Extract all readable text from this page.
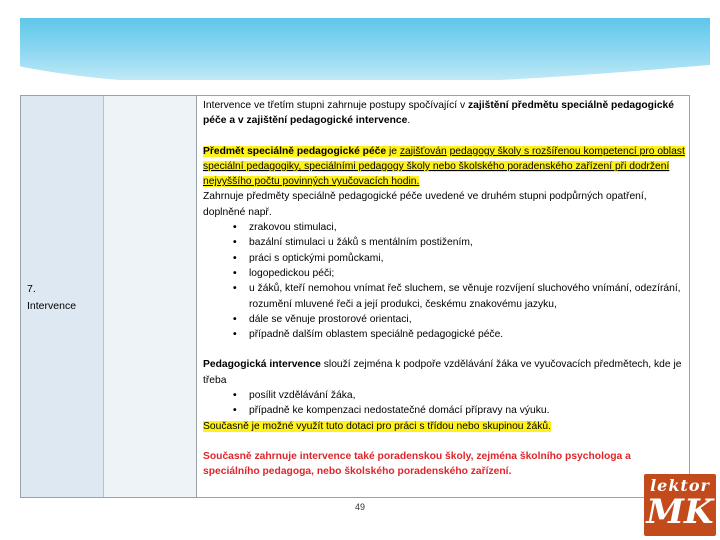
7.
Intervence

Intervence ve třetím stupni zahrnuje postupy spočívající v zajištění předmětu speciálně pedagogické péče a v zajištění pedagogické intervence.

Předmět speciálně pedagogické péče je zajišťován pedagogy školy s rozšířenou kompetencí pro oblast speciální pedagogiky, speciálními pedagogy školy nebo školského poradenského zařízení při dodržení nejvyššího počtu povinných vyučovacích hodin.

Zahrnuje předměty speciálně pedagogické péče uvedené ve druhém stupni podpůrných opatření, doplněné např.

• zrakovou stimulaci,
• bazální stimulaci u žáků s mentálním postižením,
• práci s optickými pomůckami,
• logopedickou péči;
• u žáků, kteří nemohou vnímat řeč sluchem, se věnuje rozvíjení sluchového vnímání, odezírání, rozumění mluvené řeči a její produkci, českému znakovému jazyku,
• dále se věnuje prostorové orientaci,
• případně dalším oblastem speciálně pedagogické péče.

Pedagogická intervence slouží zejména k podpoře vzdělávání žáka ve vyučovacích předmětech, kde je třeba

• posílit vzdělávání žáka,
• případně ke kompenzaci nedostatečné domácí přípravy na výuku.

Současně je možné využít tuto dotaci pro práci s třídou nebo skupinou žáků.

Současně zahrnuje intervence také poradenskou školy, zejména školního psychologa a speciálního pedagoga, nebo školského poradenského zařízení.

49
lektor
MK
